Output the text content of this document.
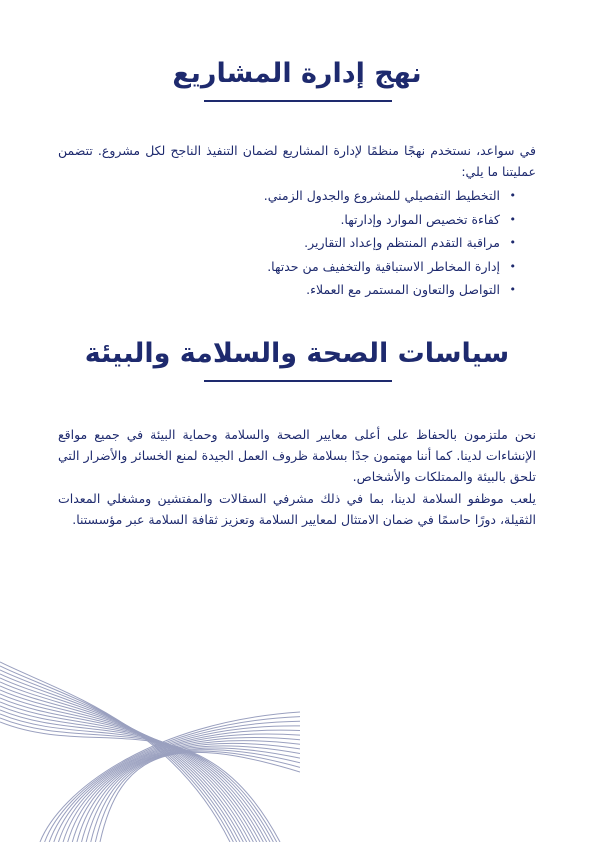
نهج إدارة المشاريع

في سواعد، نستخدم نهجًا منظمًا لإدارة المشاريع لضمان التنفيذ الناجح لكل مشروع. تتضمن عمليتنا ما يلي:

• التخطيط التفصيلي للمشروع والجدول الزمني.
• كفاءة تخصيص الموارد وإدارتها.
• مراقبة التقدم المنتظم وإعداد التقارير.
• إدارة المخاطر الاستباقية والتخفيف من حدتها.
• التواصل والتعاون المستمر مع العملاء.
سياسات الصحة والسلامة والبيئة

نحن ملتزمون بالحفاظ على أعلى معايير الصحة والسلامة وحماية البيئة في جميع مواقع الإنشاءات لدينا. كما أننا مهتمون جدًا بسلامة ظروف العمل الجيدة لمنع الخسائر والأضرار التي تلحق بالبيئة والممتلكات والأشخاص.

يلعب موظفو السلامة لدينا، بما في ذلك مشرفي السقالات والمفتشين ومشغلي المعدات الثقيلة، دورًا حاسمًا في ضمان الامتثال لمعايير السلامة وتعزيز ثقافة السلامة عبر مؤسستنا.
